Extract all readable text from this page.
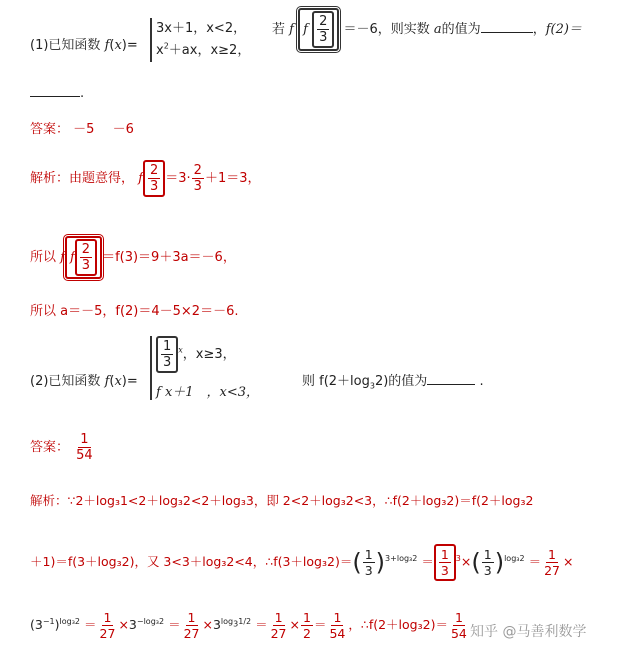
(1)已知函数 f(x)=
3x＋1，x<2，
$x^2+ax$，x≥2，
若 f f $\frac{2}{3} =-6$，则实数 a的值为	，f(2)＝
.
答案： －5 －6
解析：由题意得， f $\frac{2}{3} =3\cdot \frac{2}{3} +1=3$，
所以 f f $\frac{2}{3} =f(3)=9+3a=-6$，
所以 a＝－5，f(2)＝4－5×2＝－6.
(2)已知函数 f(x)=
$\frac{1}{3} ^x$，x≥3，
f x＋1　，x<3，
则 $f(2+\log_32)$的值为	.
答案： $\frac{1}{54}$
解析：∵2＋log₃1<2＋log₃2<2＋log₃3，即 2<2＋log₃2<3，∴f(2＋log₃2)＝f(2＋log₃2
＋1)＝f(3＋log₃2)，又 3<3＋log₃2<4，∴f(3＋log₃2)＝( $\frac{1}{3} )^{3+log_32} = \frac{1}{3} ^3\times( \frac{1}{3} )^{log_32} = \frac{1}{27}$ ×
$(3^{-1})^{log_32} = \frac{1}{27} \times 3^{-log_32} = \frac{1}{27} \times 3^{log_31/2} = \frac{1}{27} \times \frac{1}{2} = \frac{1}{54}$ ，∴f(2＋log₃2)＝ $\frac{1}{54}$ 知乎 @马善利数学
